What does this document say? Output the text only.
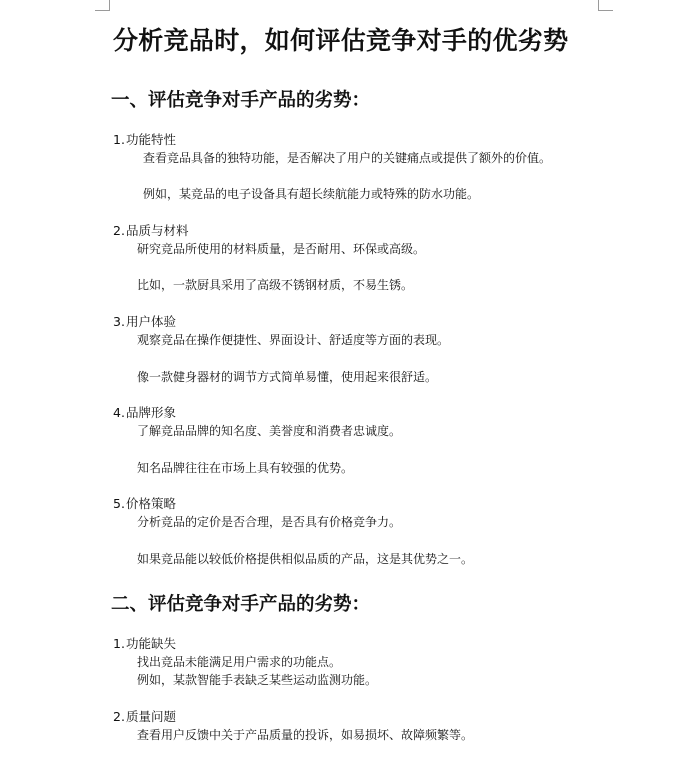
分析竞品时，如何评估竞争对手的优劣势
一、评估竞争对手产品的劣势：
1.功能特性
查看竞品具备的独特功能，是否解决了用户的关键痛点或提供了额外的价值。
例如，某竞品的电子设备具有超长续航能力或特殊的防水功能。
2.品质与材料
研究竞品所使用的材料质量，是否耐用、环保或高级。
比如，一款厨具采用了高级不锈钢材质，不易生锈。
3.用户体验
观察竞品在操作便捷性、界面设计、舒适度等方面的表现。
像一款健身器材的调节方式简单易懂，使用起来很舒适。
4.品牌形象
了解竞品品牌的知名度、美誉度和消费者忠诚度。
知名品牌往往在市场上具有较强的优势。
5.价格策略
分析竞品的定价是否合理，是否具有价格竞争力。
如果竞品能以较低价格提供相似品质的产品，这是其优势之一。
二、评估竞争对手产品的劣势：
1.功能缺失
找出竞品未能满足用户需求的功能点。
例如，某款智能手表缺乏某些运动监测功能。
2.质量问题
查看用户反馈中关于产品质量的投诉，如易损坏、故障频繁等。
